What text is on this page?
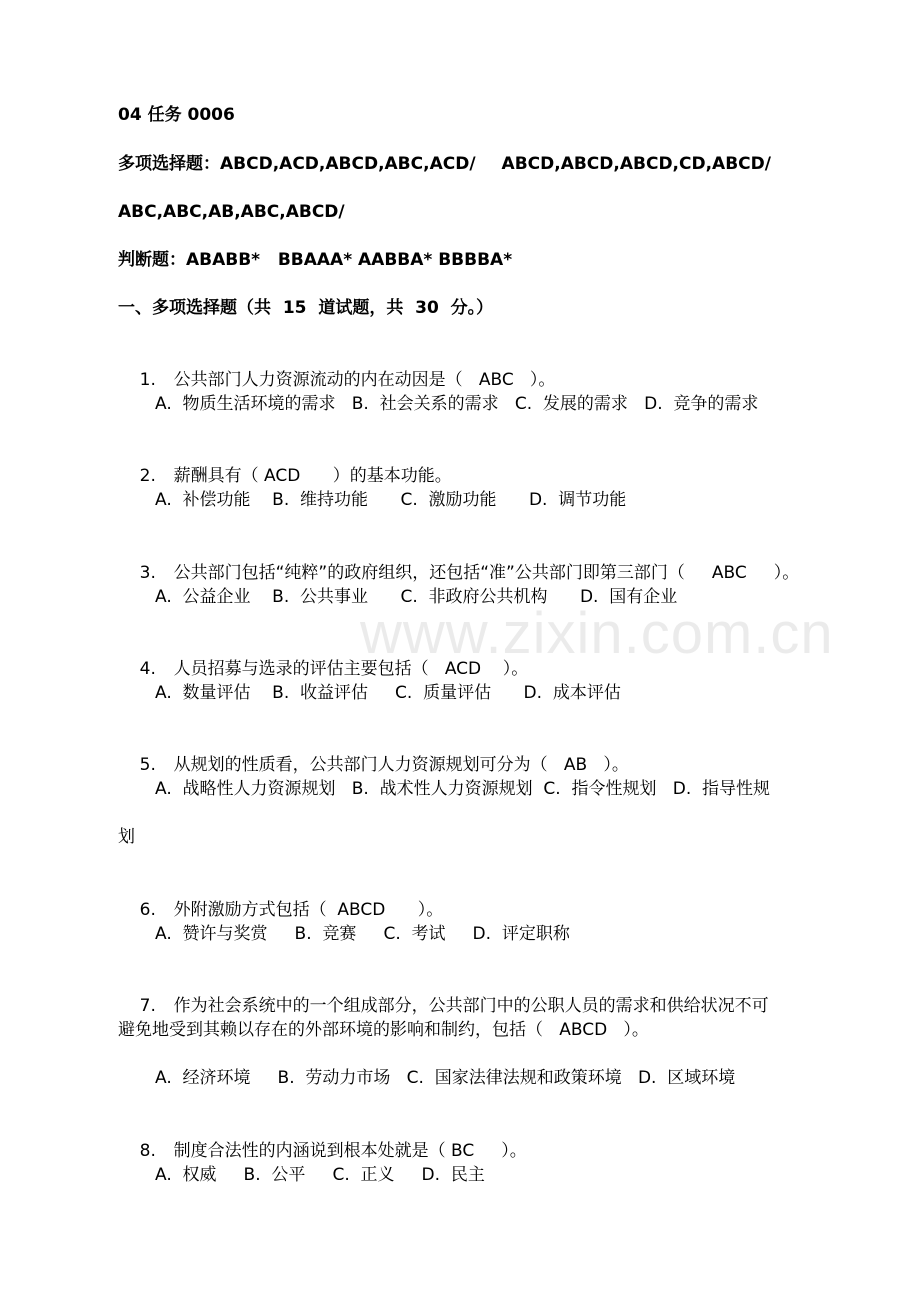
www.zixin.com.cn
04 任务 0006
多项选择题：ABCD,ACD,ABCD,ABC,ACD/ ABCD,ABCD,ABCD,CD,ABCD/
ABC,ABC,AB,ABC,ABCD/
判断题：ABABB*   BBAAA* AABBA* BBBBA*
一、多项选择题（共  15  道试题，共  30  分。）

1. 公共部门人力资源流动的内在动因是（   ABC   ）。

A.  物质生活环境的需求   B.  社会关系的需求   C.  发展的需求   D.  竞争的需求

2. 薪酬具有（ ACD      ）的基本功能。

A.  补偿功能    B.  维持功能      C.  激励功能      D.  调节功能

3. 公共部门包括“纯粹”的政府组织，还包括“准”公共部门即第三部门（     ABC     ）。

A.  公益企业    B.  公共事业      C.  非政府公共机构      D.  国有企业

4. 人员招募与选录的评估主要包括（   ACD    ）。

A.  数量评估    B.  收益评估     C.  质量评估      D.  成本评估

5. 从规划的性质看，公共部门人力资源规划可分为（   AB   ）。

A.  战略性人力资源规划   B.  战术性人力资源规划  C.  指令性规划   D.  指导性规
划

6. 外附激励方式包括（  ABCD      ）。

A.  赞许与奖赏     B.  竞赛     C.  考试     D.  评定职称

7. 作为社会系统中的一个组成部分，公共部门中的公职人员的需求和供给状况不可

避免地受到其赖以存在的外部环境的影响和制约，包括（   ABCD   ）。
A.  经济环境     B.  劳动力市场   C.  国家法律法规和政策环境   D.  区域环境

8. 制度合法性的内涵说到根本处就是（ BC     ）。

A.  权威     B.  公平     C.  正义     D.  民主
